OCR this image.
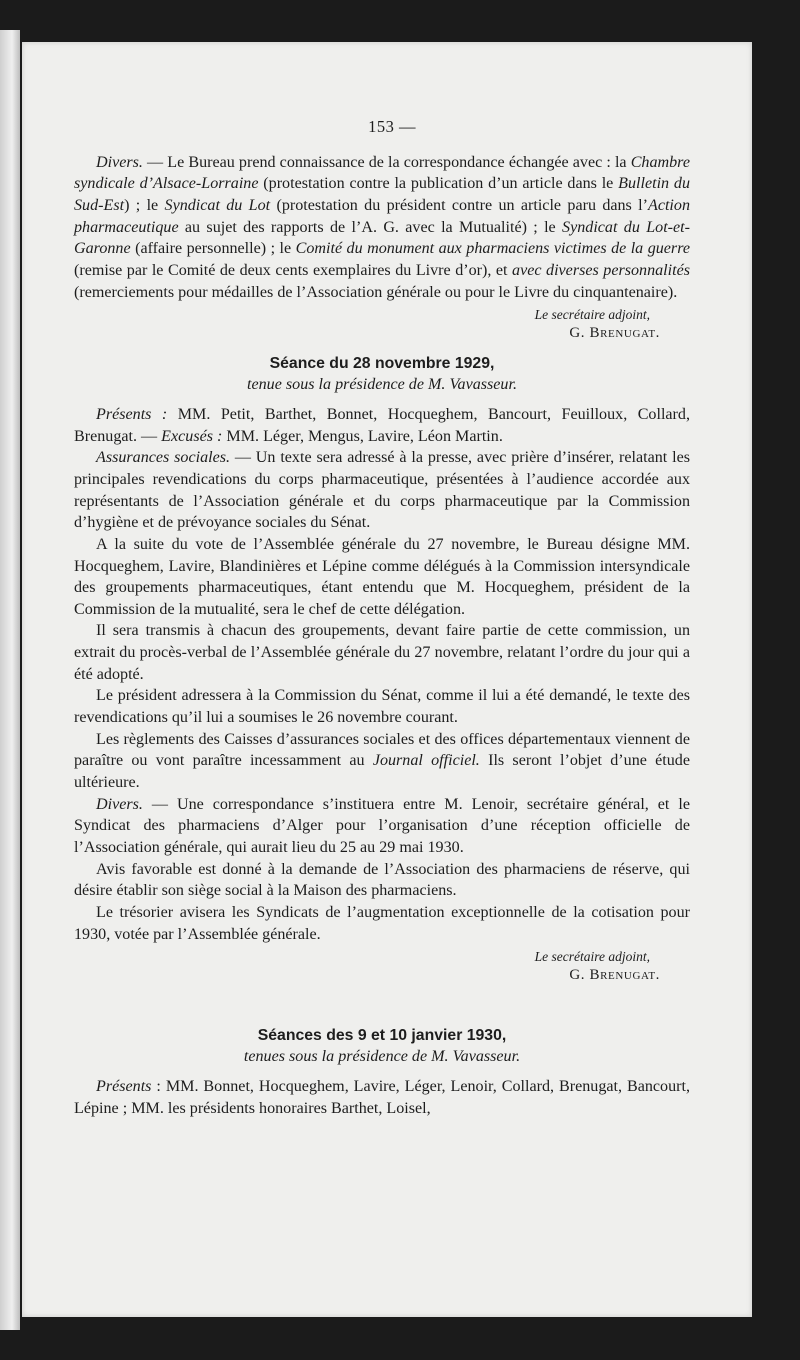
153 —

Divers. — Le Bureau prend connaissance de la correspondance échangée avec : la Chambre syndicale d’Alsace-Lorraine (protestation contre la publication d’un article dans le Bulletin du Sud-Est) ; le Syndicat du Lot (protestation du président contre un article paru dans l’Action pharmaceutique au sujet des rapports de l’A. G. avec la Mutualité) ; le Syndicat du Lot-et-Garonne (affaire personnelle) ; le Comité du monument aux pharmaciens victimes de la guerre (remise par le Comité de deux cents exemplaires du Livre d’or), et avec diverses personnalités (remerciements pour médailles de l’Association générale ou pour le Livre du cinquantenaire).

Le secrétaire adjoint,
G. Brenugat.
Séance du 28 novembre 1929,
tenue sous la présidence de M. Vavasseur.

Présents : MM. Petit, Barthet, Bonnet, Hocqueghem, Bancourt, Feuilloux, Collard, Brenugat. — Excusés : MM. Léger, Mengus, Lavire, Léon Martin.

Assurances sociales. — Un texte sera adressé à la presse, avec prière d’insérer, relatant les principales revendications du corps pharmaceutique, présentées à l’audience accordée aux représentants de l’Association générale et du corps pharmaceutique par la Commission d’hygiène et de prévoyance sociales du Sénat.

A la suite du vote de l’Assemblée générale du 27 novembre, le Bureau désigne MM. Hocqueghem, Lavire, Blandinières et Lépine comme délégués à la Commission intersyndicale des groupements pharmaceutiques, étant entendu que M. Hocqueghem, président de la Commission de la mutualité, sera le chef de cette délégation.

Il sera transmis à chacun des groupements, devant faire partie de cette commission, un extrait du procès-verbal de l’Assemblée générale du 27 novembre, relatant l’ordre du jour qui a été adopté.

Le président adressera à la Commission du Sénat, comme il lui a été demandé, le texte des revendications qu’il lui a soumises le 26 novembre courant.

Les règlements des Caisses d’assurances sociales et des offices départementaux viennent de paraître ou vont paraître incessamment au Journal officiel. Ils seront l’objet d’une étude ultérieure.

Divers. — Une correspondance s’instituera entre M. Lenoir, secrétaire général, et le Syndicat des pharmaciens d’Alger pour l’organisation d’une réception officielle de l’Association générale, qui aurait lieu du 25 au 29 mai 1930.

Avis favorable est donné à la demande de l’Association des pharmaciens de réserve, qui désire établir son siège social à la Maison des pharmaciens.

Le trésorier avisera les Syndicats de l’augmentation exceptionnelle de la cotisation pour 1930, votée par l’Assemblée générale.

Le secrétaire adjoint,
G. Brenugat.
Séances des 9 et 10 janvier 1930,
tenues sous la présidence de M. Vavasseur.

Présents : MM. Bonnet, Hocqueghem, Lavire, Léger, Lenoir, Collard, Brenugat, Bancourt, Lépine ; MM. les présidents honoraires Barthet, Loisel,
